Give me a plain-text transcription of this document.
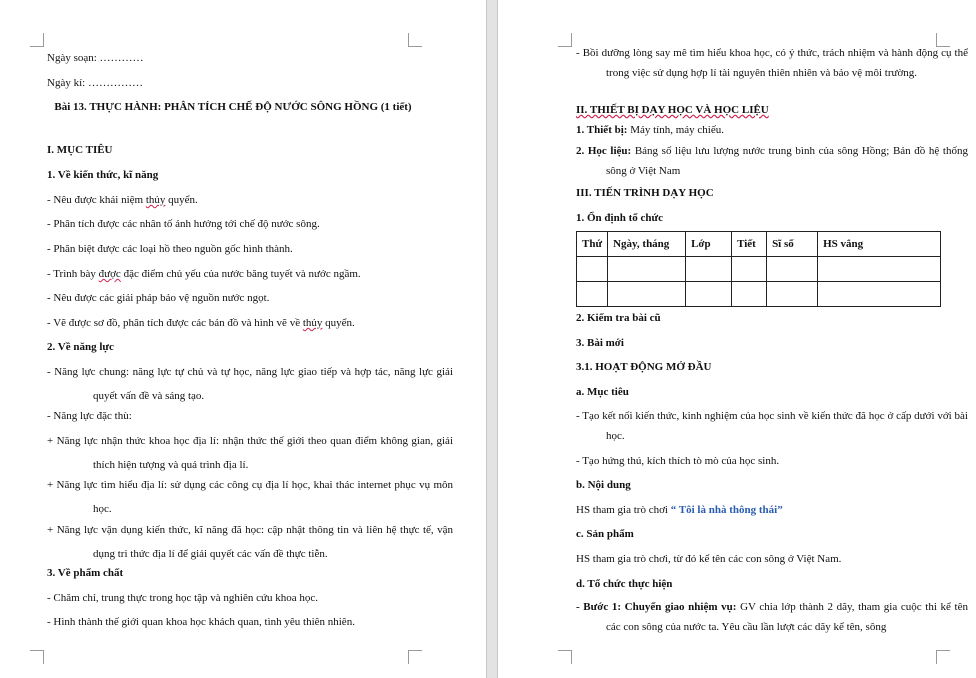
Ngày soạn: …………
Ngày kí: ……………
Bài 13. THỰC HÀNH: PHÂN TÍCH CHẾ ĐỘ NƯỚC SÔNG HỒNG (1 tiết)
I. MỤC TIÊU
1. Về kiến thức, kĩ năng
- Nêu được khái niệm thủy quyển.
- Phân tích được các nhân tố ảnh hưởng tới chế độ nước sông.
- Phân biệt được các loại hồ theo nguồn gốc hình thành.
- Trình bày được đặc điểm chủ yếu của nước băng tuyết và nước ngầm.
- Nêu được các giải pháp bảo vệ nguồn nước ngọt.
- Vẽ được sơ đồ, phân tích được các bản đồ và hình vẽ về thủy quyển.
2. Về năng lực
- Năng lực chung: năng lực tự chủ và tự học, năng lực giao tiếp và hợp tác, năng lực giải quyết vấn đề và sáng tạo.
- Năng lực đặc thù:
+ Năng lực nhận thức khoa học địa lí: nhận thức thế giới theo quan điểm không gian, giải thích hiện tượng và quá trình địa lí.
+ Năng lực tìm hiểu địa lí: sử dụng các công cụ địa lí học, khai thác internet phục vụ môn học.
+ Năng lực vận dụng kiến thức, kĩ năng đã học: cập nhật thông tin và liên hệ thực tế, vận dụng tri thức địa lí để giải quyết các vấn đề thực tiễn.
3. Về phẩm chất
- Chăm chỉ, trung thực trong học tập và nghiên cứu khoa học.
- Hình thành thế giới quan khoa học khách quan, tình yêu thiên nhiên.
- Bồi dưỡng lòng say mê tìm hiểu khoa học, có ý thức, trách nhiệm và hành động cụ thể trong việc sử dụng hợp lí tài nguyên thiên nhiên và bảo vệ môi trường.
II. THIẾT BỊ DẠY HỌC VÀ HỌC LIỆU
1. Thiết bị: Máy tính, máy chiếu.
2. Học liệu: Bảng số liệu lưu lượng nước trung bình của sông Hồng; Bản đồ hệ thống sông ở Việt Nam
III. TIẾN TRÌNH DẠY HỌC
1. Ổn định tổ chức
Thứ	Ngày, tháng	Lớp	Tiết	Sĩ số	HS vắng

2. Kiểm tra bài cũ
3. Bài mới
3.1. HOẠT ĐỘNG MỞ ĐẦU
a. Mục tiêu
- Tạo kết nối kiến thức, kinh nghiệm của học sinh về kiến thức đã học ở cấp dưới với bài học.
- Tạo hứng thú, kích thích tò mò của học sinh.
b. Nội dung
HS tham gia trò chơi “ Tôi là nhà thông thái”
c. Sản phẩm
HS tham gia trò chơi, từ đó kể tên các con sông ở Việt Nam.
d. Tổ chức thực hiện
- Bước 1: Chuyển giao nhiệm vụ: GV chia lớp thành 2 dãy, tham gia cuộc thi kể tên các con sông của nước ta. Yêu cầu lần lượt các dãy kể tên, sông
